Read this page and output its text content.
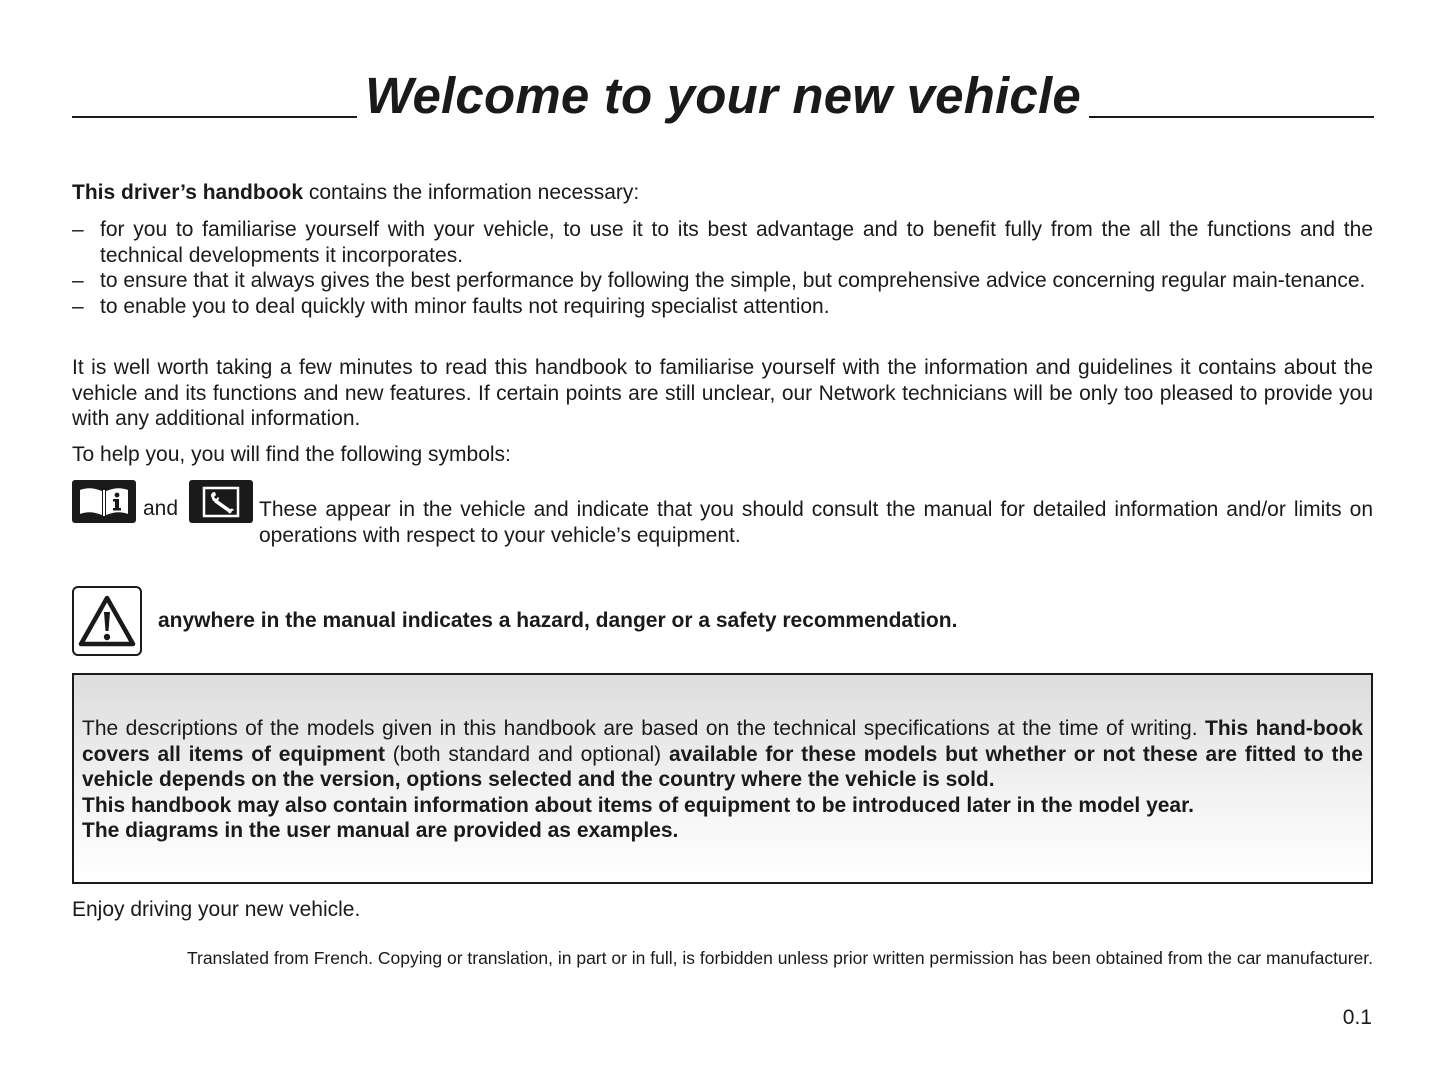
Welcome to your new vehicle
This driver’s handbook contains the information necessary:
– for you to familiarise yourself with your vehicle, to use it to its best advantage and to benefit fully from the all the functions and the technical developments it incorporates.
– to ensure that it always gives the best performance by following the simple, but comprehensive advice concerning regular main-tenance.
– to enable you to deal quickly with minor faults not requiring specialist attention.
It is well worth taking a few minutes to read this handbook to familiarise yourself with the information and guidelines it contains about the vehicle and its functions and new features. If certain points are still unclear, our Network technicians will be only too pleased to provide you with any additional information.
To help you, you will find the following symbols:
and	These appear in the vehicle and indicate that you should consult the manual for detailed information and/or limits on operations with respect to your vehicle’s equipment.
anywhere in the manual indicates a hazard, danger or a safety recommendation.
The descriptions of the models given in this handbook are based on the technical specifications at the time of writing. This hand-book covers all items of equipment (both standard and optional) available for these models but whether or not these are fitted to the vehicle depends on the version, options selected and the country where the vehicle is sold.
This handbook may also contain information about items of equipment to be introduced later in the model year.
The diagrams in the user manual are provided as examples.
Enjoy driving your new vehicle.
Translated from French. Copying or translation, in part or in full, is forbidden unless prior written permission has been obtained from the car manufacturer.
0.1
